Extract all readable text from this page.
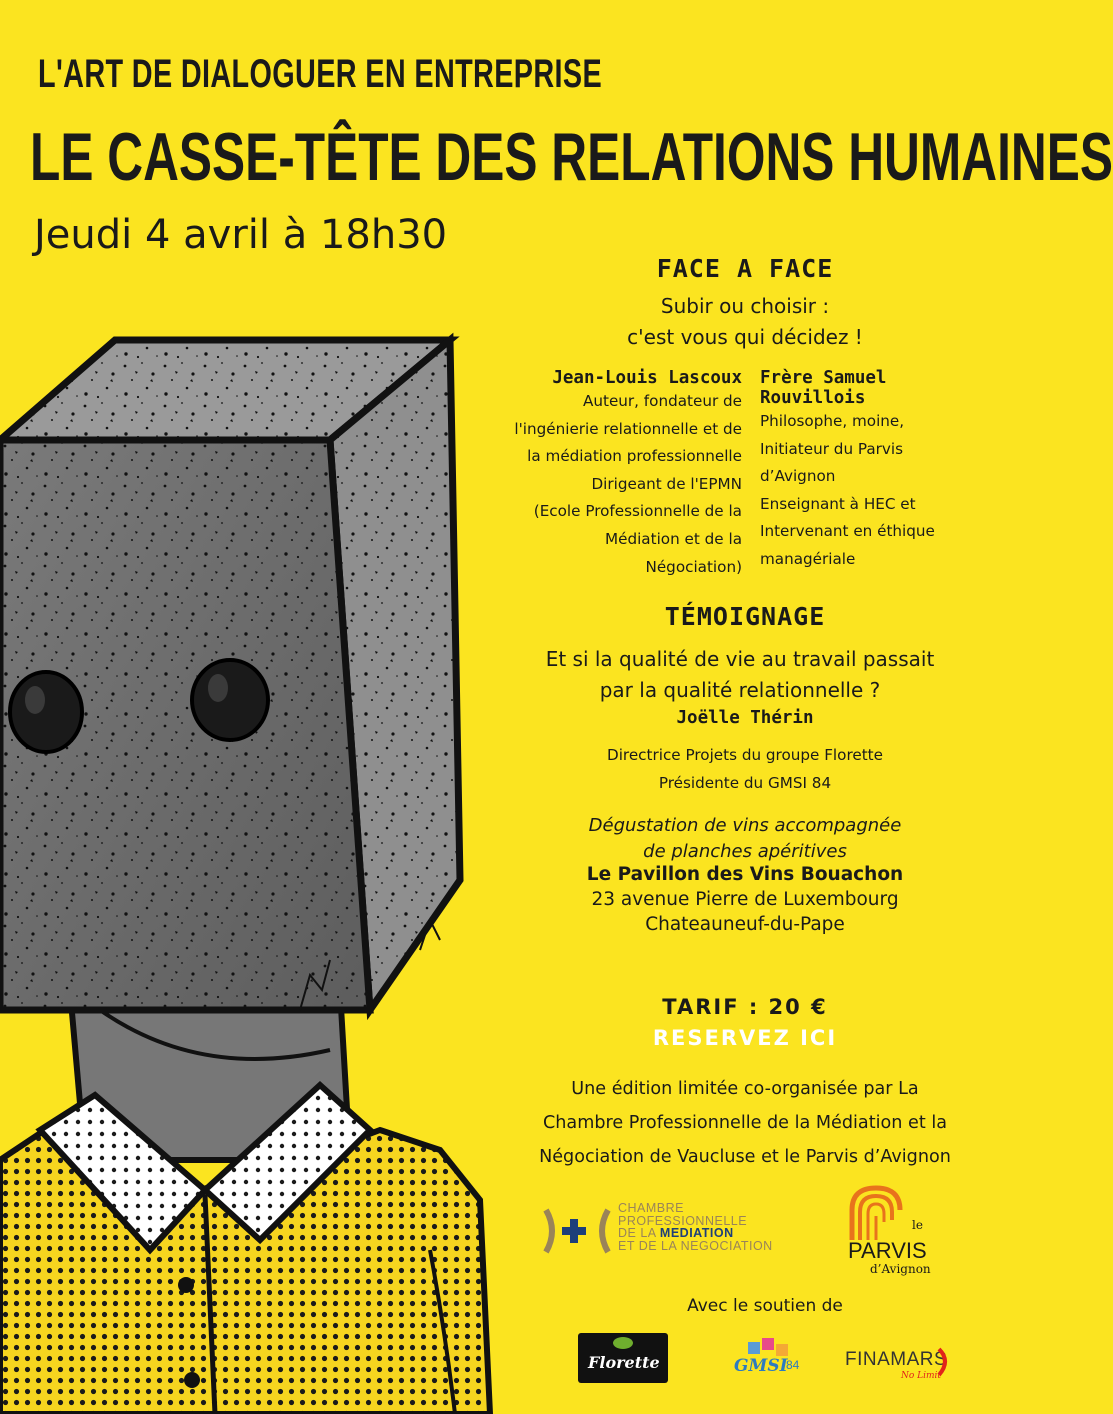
L'ART DE DIALOGUER EN ENTREPRISE
LE CASSE-TÊTE DES RELATIONS HUMAINES
Jeudi 4 avril à 18h30
FACE A FACE
Subir ou choisir :
c'est vous qui décidez !
Jean-Louis Lascoux
Auteur, fondateur de
l'ingénierie relationnelle et de
la médiation professionnelle
Dirigeant de l'EPMN
(Ecole Professionnelle de la
Médiation et de la
Négociation)
Frère Samuel Rouvillois
Philosophe, moine,
Initiateur du Parvis
d’Avignon
Enseignant à HEC et
Intervenant en éthique
managériale
TÉMOIGNAGE
Et si la qualité de vie au travail passait
par la qualité relationnelle ?
Joëlle Thérin
Directrice Projets du groupe Florette
Présidente du GMSI 84
Dégustation de vins accompagnée
de planches apéritives
Le Pavillon des Vins Bouachon
23 avenue Pierre de Luxembourg
Chateauneuf-du-Pape
TARIF : 20 €
RESERVEZ ICI
Une édition limitée co-organisée par La
Chambre Professionnelle de la Médiation et la
Négociation de Vaucluse et le Parvis d’Avignon
CHAMBRE
PROFESSIONNELLE
DE LA MEDIATION
ET DE LA NEGOCIATION
le
PARVIS
d’Avignon
Avec le soutien de
Florette	GMSI
84 FINAMARS
No Limit
